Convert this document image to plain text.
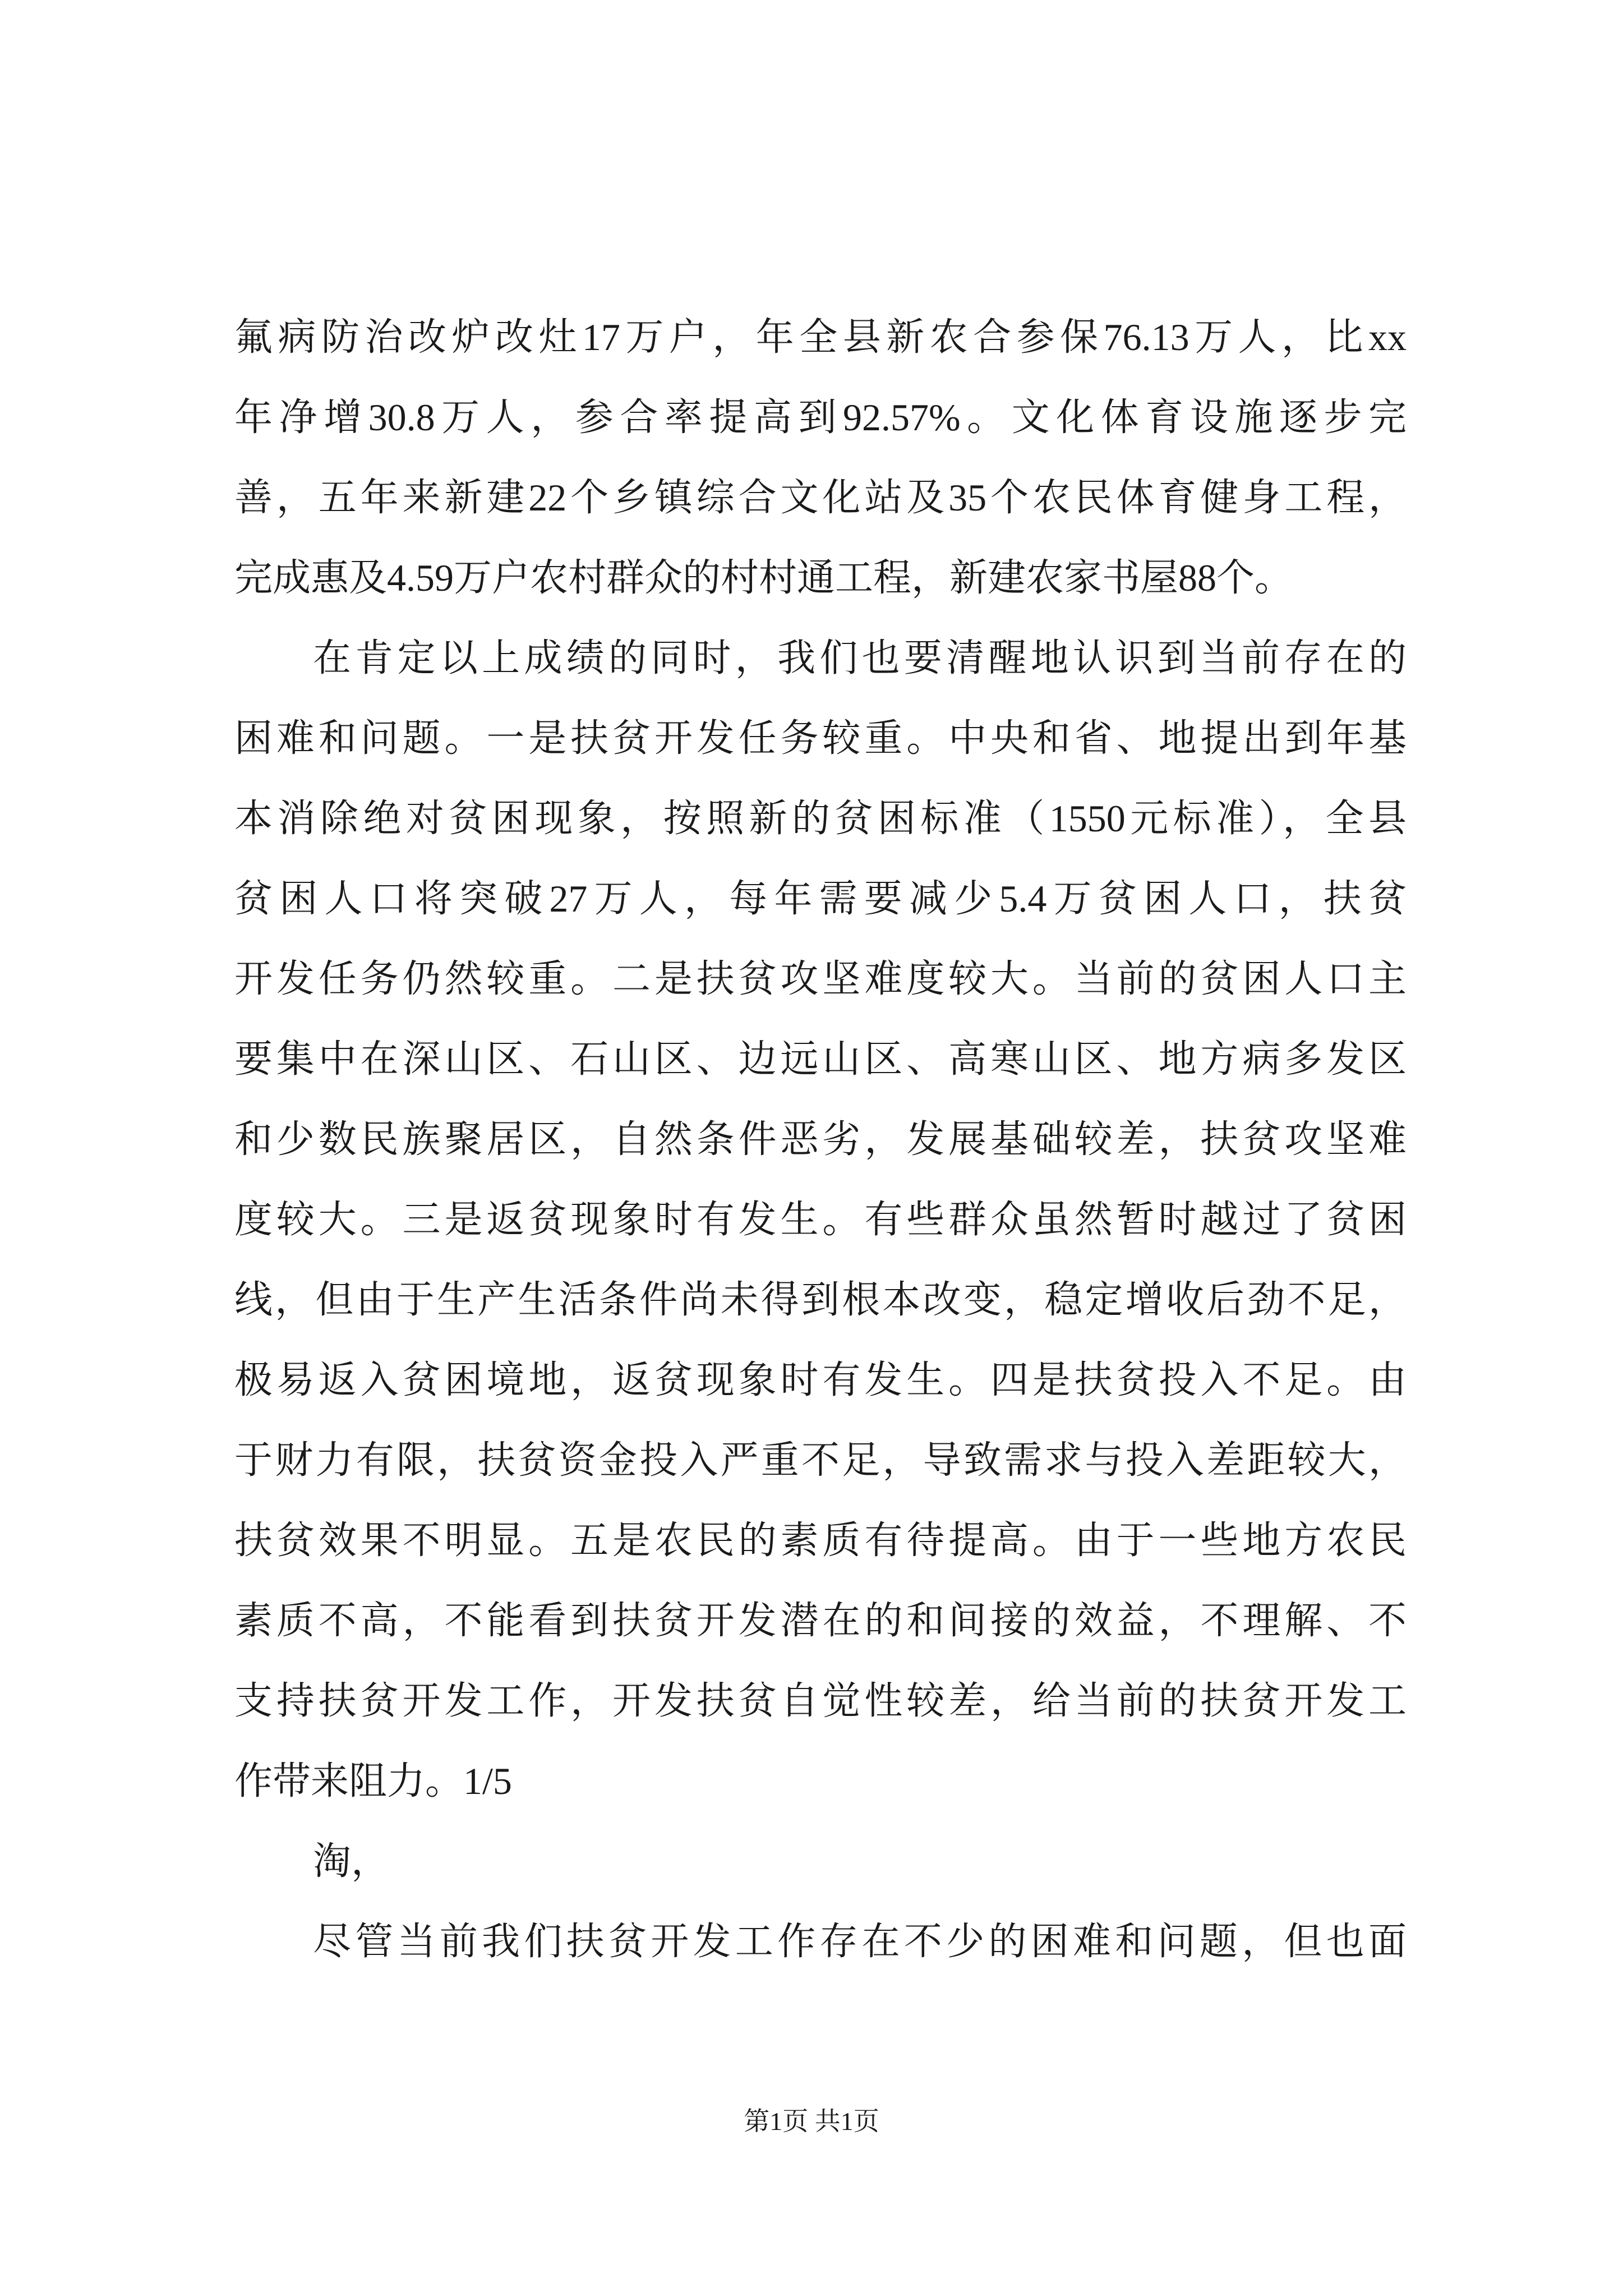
氟病防治改炉改灶17万户，年全县新农合参保76.13万人，比xx
年净增30.8万人，参合率提高到92.57%。文化体育设施逐步完
善，五年来新建22个乡镇综合文化站及35个农民体育健身工程，
完成惠及4.59万户农村群众的村村通工程，新建农家书屋88个。
在肯定以上成绩的同时，我们也要清醒地认识到当前存在的
困难和问题。一是扶贫开发任务较重。中央和省、地提出到年基
本消除绝对贫困现象，按照新的贫困标准（1550元标准），全县
贫困人口将突破27万人，每年需要减少5.4万贫困人口，扶贫
开发任务仍然较重。二是扶贫攻坚难度较大。当前的贫困人口主
要集中在深山区、石山区、边远山区、高寒山区、地方病多发区
和少数民族聚居区，自然条件恶劣，发展基础较差，扶贫攻坚难
度较大。三是返贫现象时有发生。有些群众虽然暂时越过了贫困
线，但由于生产生活条件尚未得到根本改变，稳定增收后劲不足，
极易返入贫困境地，返贫现象时有发生。四是扶贫投入不足。由
于财力有限，扶贫资金投入严重不足，导致需求与投入差距较大，
扶贫效果不明显。五是农民的素质有待提高。由于一些地方农民
素质不高，不能看到扶贫开发潜在的和间接的效益，不理解、不
支持扶贫开发工作，开发扶贫自觉性较差，给当前的扶贫开发工
作带来阻力。1/5
淘，
尽管当前我们扶贫开发工作存在不少的困难和问题，但也面
第1页 共1页
